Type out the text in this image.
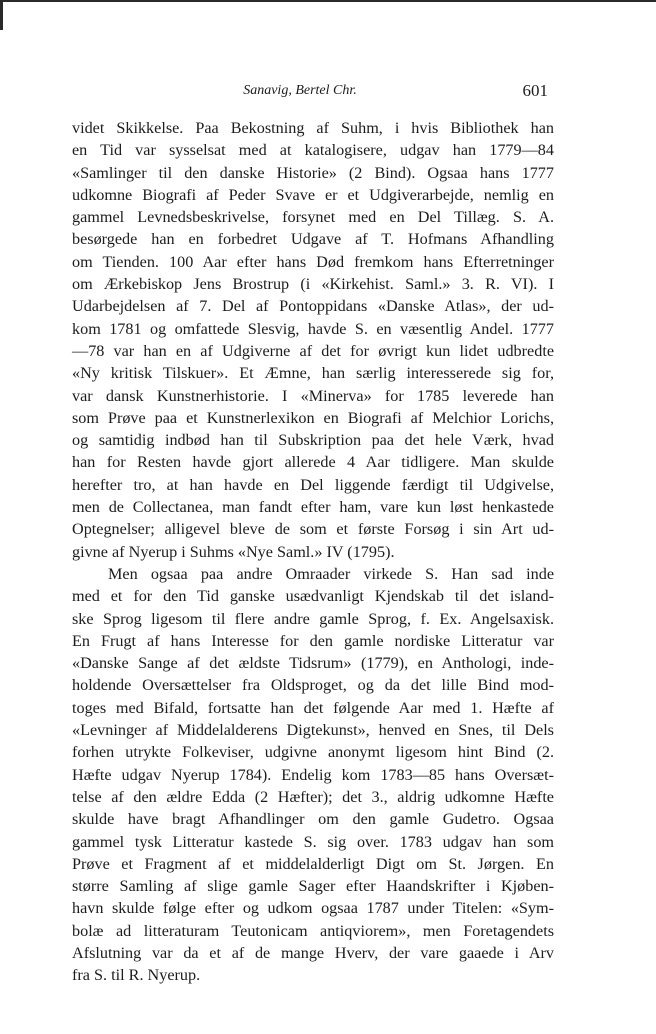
Sanavig, Bertel Chr.	601

videt Skikkelse. Paa Bekostning af Suhm, i hvis Bibliothek han
en Tid var sysselsat med at katalogisere, udgav han 1779—84
«Samlinger til den danske Historie» (2 Bind). Ogsaa hans 1777
udkomne Biografi af Peder Svave er et Udgiverarbejde, nemlig en
gammel Levnedsbeskrivelse, forsynet med en Del Tillæg. S. A.
besørgede han en forbedret Udgave af T. Hofmans Afhandling
om Tienden. 100 Aar efter hans Død fremkom hans Efterretninger
om Ærkebiskop Jens Brostrup (i «Kirkehist. Saml.» 3. R. VI). I
Udarbejdelsen af 7. Del af Pontoppidans «Danske Atlas», der ud-
kom 1781 og omfattede Slesvig, havde S. en væsentlig Andel. 1777
—78 var han en af Udgiverne af det for øvrigt kun lidet udbredte
«Ny kritisk Tilskuer». Et Æmne, han særlig interesserede sig for,
var dansk Kunstnerhistorie. I «Minerva» for 1785 leverede han
som Prøve paa et Kunstnerlexikon en Biografi af Melchior Lorichs,
og samtidig indbød han til Subskription paa det hele Værk, hvad
han for Resten havde gjort allerede 4 Aar tidligere. Man skulde
herefter tro, at han havde en Del liggende færdigt til Udgivelse,
men de Collectanea, man fandt efter ham, vare kun løst henkastede
Optegnelser; alligevel bleve de som et første Forsøg i sin Art ud-
givne af Nyerup i Suhms «Nye Saml.» IV (1795).

Men ogsaa paa andre Omraader virkede S. Han sad inde
med et for den Tid ganske usædvanligt Kjendskab til det island-
ske Sprog ligesom til flere andre gamle Sprog, f. Ex. Angelsaxisk.
En Frugt af hans Interesse for den gamle nordiske Litteratur var
«Danske Sange af det ældste Tidsrum» (1779), en Anthologi, inde-
holdende Oversættelser fra Oldsproget, og da det lille Bind mod-
toges med Bifald, fortsatte han det følgende Aar med 1. Hæfte af
«Levninger af Middelalderens Digtekunst», henved en Snes, til Dels
forhen utrykte Folkeviser, udgivne anonymt ligesom hint Bind (2.
Hæfte udgav Nyerup 1784). Endelig kom 1783—85 hans Oversæt-
telse af den ældre Edda (2 Hæfter); det 3., aldrig udkomne Hæfte
skulde have bragt Afhandlinger om den gamle Gudetro. Ogsaa
gammel tysk Litteratur kastede S. sig over. 1783 udgav han som
Prøve et Fragment af et middelalderligt Digt om St. Jørgen. En
større Samling af slige gamle Sager efter Haandskrifter i Kjøben-
havn skulde følge efter og udkom ogsaa 1787 under Titelen: «Sym-
bolæ ad litteraturam Teutonicam antiqviorem», men Foretagendets
Afslutning var da et af de mange Hverv, der vare gaaede i Arv
fra S. til R. Nyerup.
